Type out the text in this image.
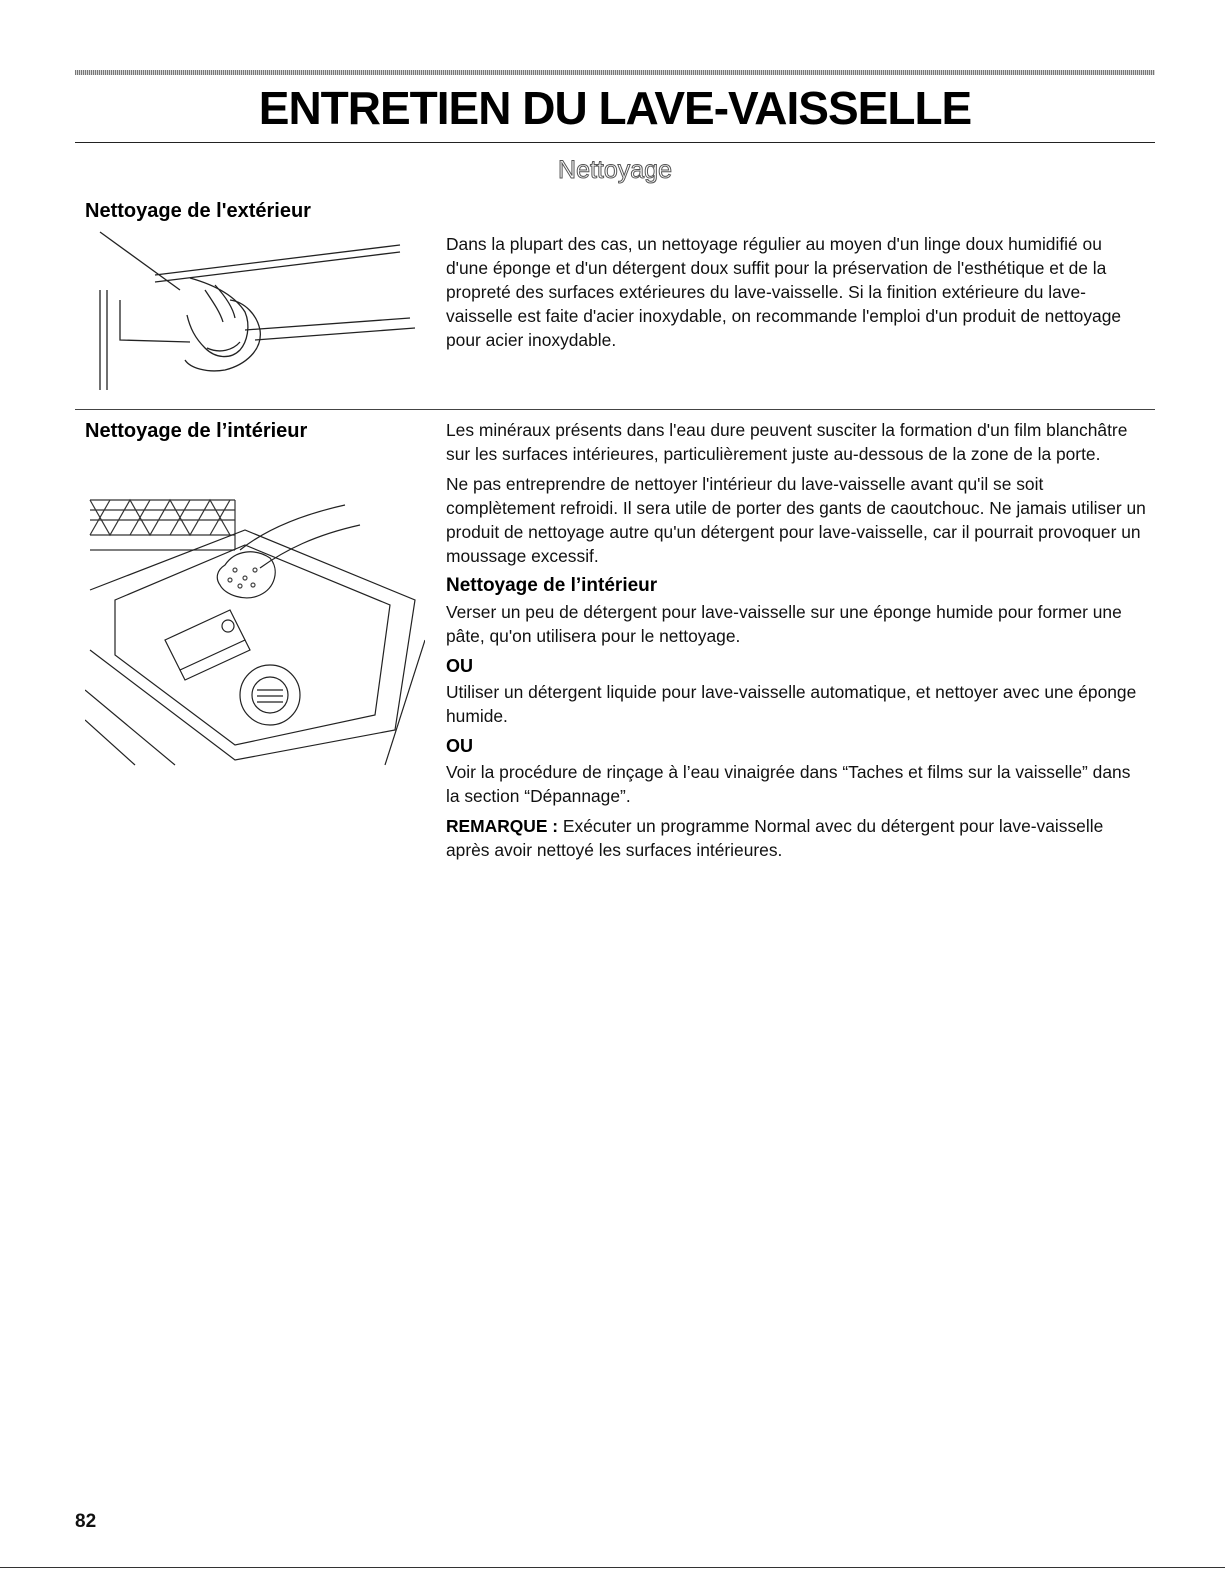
ENTRETIEN DU LAVE-VAISSELLE
Nettoyage
Nettoyage de l'extérieur

Dans la plupart des cas, un nettoyage régulier au moyen d'un linge doux humidifié ou d'une éponge et d'un détergent doux suffit pour la préservation de l'esthétique et de la propreté des surfaces extérieures du lave-vaisselle. Si la finition extérieure du lave-vaisselle est faite d'acier inoxydable, on recommande l'emploi d'un produit de nettoyage pour acier inoxydable.

Nettoyage de l’intérieur	Les minéraux présents dans l'eau dure peuvent susciter la formation d'un film blanchâtre sur les surfaces intérieures, particulièrement juste au-dessous de la zone de la porte.

Ne pas entreprendre de nettoyer l'intérieur du lave-vaisselle avant qu'il se soit complètement refroidi. Il sera utile de porter des gants de caoutchouc. Ne jamais utiliser un produit de nettoyage autre qu'un détergent pour lave-vaisselle, car il pourrait provoquer un moussage excessif.

Nettoyage de l’intérieur

Verser un peu de détergent pour lave-vaisselle sur une éponge humide pour former une pâte, qu'on utilisera pour le nettoyage.

OU

Utiliser un détergent liquide pour lave-vaisselle automatique, et nettoyer avec une éponge humide.

OU

Voir la procédure de rinçage à l’eau vinaigrée dans “Taches et films sur la vaisselle” dans la section “Dépannage”.

REMARQUE : Exécuter un programme Normal avec du détergent pour lave-vaisselle après avoir nettoyé les surfaces intérieures.

82
